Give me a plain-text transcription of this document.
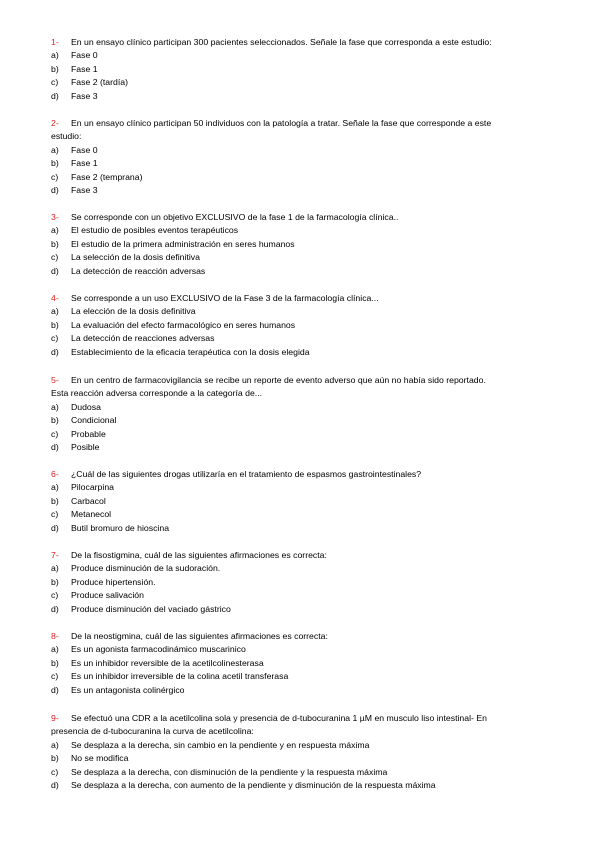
1- En un ensayo clínico participan 300 pacientes seleccionados. Señale la fase que corresponda a este estudio:
a) Fase 0
b) Fase 1
c) Fase 2 (tardía)
d) Fase 3
2- En un ensayo clínico participan 50 individuos con la patología a tratar. Señale la fase que corresponde a este
estudio:
a) Fase 0
b) Fase 1
c) Fase 2 (temprana)
d) Fase 3
3- Se corresponde con un objetivo EXCLUSIVO de la fase 1 de la farmacología clínica..
a) El estudio de posibles eventos terapéuticos
b) El estudio de la primera administración en seres humanos
c) La selección de la dosis definitiva
d) La detección de reacción adversas
4- Se corresponde a un uso EXCLUSIVO de la Fase 3 de la farmacología clínica...
a) La elección de la dosis definitiva
b) La evaluación del efecto farmacológico en seres humanos
c) La detección de reacciones adversas
d) Establecimiento de la eficacia terapéutica con la dosis elegida
5- En un centro de farmacovigilancia se recibe un reporte de evento adverso que aún no había sido reportado.
Esta reacción adversa corresponde a la categoría de...
a) Dudosa
b) Condicional
c) Probable
d) Posible
6- ¿Cuál de las siguientes drogas utilizaría en el tratamiento de espasmos gastrointestinales?
a) Pilocarpina
b) Carbacol
c) Metanecol
d) Butil bromuro de hioscina
7- De la fisostigmina, cuál de las siguientes afirmaciones es correcta:
a) Produce disminución de la sudoración.
b) Produce hipertensión.
c) Produce salivación
d) Produce disminución del vaciado gástrico
8- De la neostigmina, cuál de las siguientes afirmaciones es correcta:
a) Es un agonista farmacodinámico muscarinico
b) Es un inhibidor reversible de la acetilcolinesterasa
c) Es un inhibidor irreversible de la colina acetil transferasa
d) Es un antagonista colinérgico
9- Se efectuó una CDR a la acetilcolina sola y presencia de d-tubocuranina 1 µM en musculo liso intestinal- En
presencia de d-tubocuranina la curva de acetilcolina:
a) Se desplaza a la derecha, sin cambio en la pendiente y en respuesta máxima
b) No se modifica
c) Se desplaza a la derecha, con disminución de la pendiente y la respuesta máxima
d) Se desplaza a la derecha, con aumento de la pendiente y disminución de la respuesta máxima
